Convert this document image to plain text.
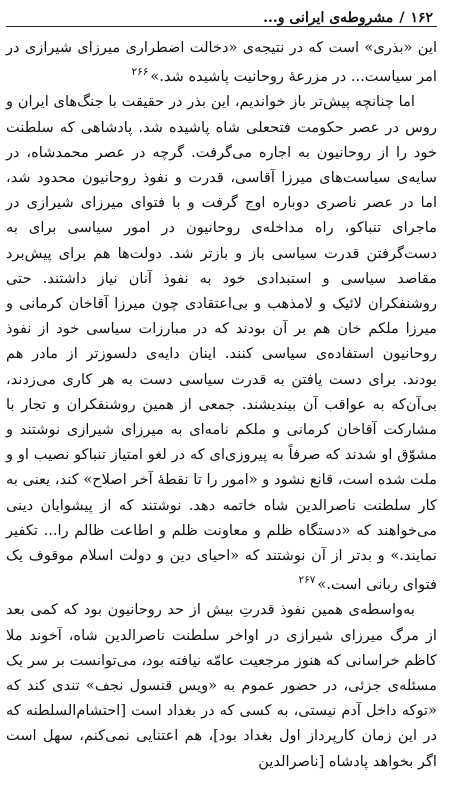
۱۶۲
/
مشروطه‌ی ایرانی و...

این «بذری» است که در نتیجه‌ی «دخالت اضطراری میرزای شیرازی در امر سیاست... در مزرعهٔ روحانیت پاشیده شد.»$^{۲۶۶}$

اما چنانچه پیش‌تر باز خواندیم، این بذر در حقیقت با جنگ‌های ایران و روس در عصر حکومت فتحعلی شاه پاشیده شد. پادشاهی که سلطنت خود را از روحانیون به اجاره می‌گرفت. گرچه در عصر محمدشاه، در سایه‌ی سیاست‌های میرزا آقاسی، قدرت و نفوذ روحانیون محدود شد، اما در عصر ناصری دوباره اوج گرفت و با فتوای میرزای شیرازی در ماجرای تنباکو، راه مداخله‌ی روحانیون در امور سیاسی برای به دست‌گرفتن قدرت سیاسی باز و بازتر شد. دولت‌ها هم برای پیش‌برد مقاصد سیاسی و استبدادی خود به نفوذ آنان نیاز داشتند. حتی روشنفکران لائیک و لامذهب و بی‌اعتقادی چون میرزا آقاخان کرمانی و میرزا ملکم خان هم بر آن بودند که در مبارزات سیاسی خود از نفوذ روحانیون استفاده‌ی سیاسی کنند. اینان دایه‌ی دلسوزتر از مادر هم بودند. برای دست یافتن به قدرت سیاسی دست به هر کاری می‌زدند، بی‌آن‌که به عواقب آن بیندیشند. جمعی از همین روشنفکران و تجار با مشارکت آقاخان کرمانی و ملکم نامه‌ای به میرزای شیرازی نوشتند و مشوّق او شدند که صرفاً به پیروزی‌ای که در لغو امتیاز تنباکو نصیب او و ملت شده است، قانع نشود و «امور را تا نقطهٔ آخر اصلاح» کند، یعنی به کار سلطنت ناصرالدین شاه خاتمه دهد. نوشتند که از پیشوایان دینی می‌خواهند که «دستگاه ظلم و معاونت ظلم و اطاعت ظالم را... تکفیر نمایند.» و بدتر از آن نوشتند که «احیای دین و دولت اسلام موقوف یک فتوای ربانی است.»$^{۲۶۷}$

به‌واسطه‌ی همین نفوذ قدرتِ بیش از حد روحانیون بود که کمی بعد از مرگ میرزای شیرازی در اواخر سلطنت ناصرالدین شاه، آخوند ملا کاظم خراسانی که هنوز مرجعیت عامّه نیافته بود، می‌توانست بر سر یک مسئله‌ی جزئی، در حضور عموم به «ویس قنسول نجف» تندی کند که «توکه داخل آدم نیستی، به کسی که در بغداد است [احتشام‌السلطنه که در این زمان کارپرداز اول بغداد بود]، هم اعتنایی نمی‌کنم، سهل است اگر بخواهد پادشاه [ناصرالدین
